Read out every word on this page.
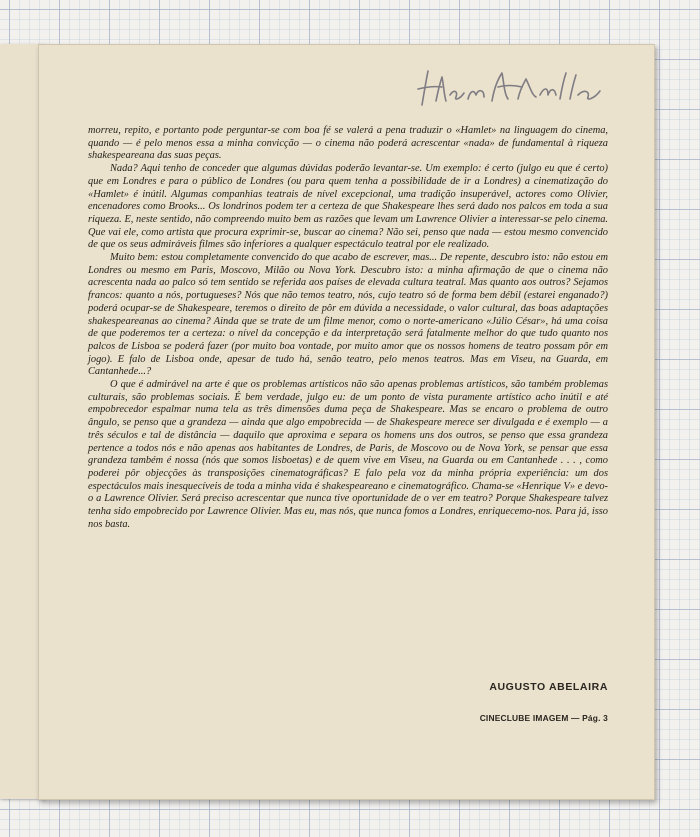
morreu, repito, e portanto pode perguntar-se com boa fé se valerá a pena traduzir o «Hamlet» na linguagem do cinema, quando — é pelo menos essa a minha convicção — o cinema não poderá acrescentar «nada» de fundamental à riqueza shakespeareana das suas peças.

Nada? Aqui tenho de conceder que algumas dúvidas poderão levantar-se. Um exemplo: é certo (julgo eu que é certo) que em Londres e para o público de Londres (ou para quem tenha a possibilidade de ir a Londres) a cinematização do «Hamlet» é inútil. Algumas companhias teatrais de nível excepcional, uma tradição insuperável, actores como Olivier, encenadores como Brooks... Os londrinos podem ter a certeza de que Shakespeare lhes será dado nos palcos em toda a sua riqueza. E, neste sentido, não compreendo muito bem as razões que levam um Lawrence Olivier a interessar-se pelo cinema. Que vai ele, como artista que procura exprimir-se, buscar ao cinema? Não sei, penso que nada — estou mesmo convencido de que os seus admiráveis filmes são inferiores a qualquer espectáculo teatral por ele realizado.

Muito bem: estou completamente convencido do que acabo de escrever, mas... De repente, descubro isto: não estou em Londres ou mesmo em Paris, Moscovo, Milão ou Nova York. Descubro isto: a minha afirmação de que o cinema não acrescenta nada ao palco só tem sentido se referida aos países de elevada cultura teatral. Mas quanto aos outros? Sejamos francos: quanto a nós, portugueses? Nós que não temos teatro, nós, cujo teatro só de forma bem débil (estarei enganado?) poderá ocupar-se de Shakespeare, teremos o direito de pôr em dúvida a necessidade, o valor cultural, das boas adaptações shakespeareanas ao cinema? Ainda que se trate de um filme menor, como o norte-americano «Júlio César», há uma coisa de que poderemos ter a certeza: o nível da concepção e da interpretação será fatalmente melhor do que tudo quanto nos palcos de Lisboa se poderá fazer (por muito boa vontade, por muito amor que os nossos homens de teatro possam pôr em jogo). E falo de Lisboa onde, apesar de tudo há, senão teatro, pelo menos teatros. Mas em Viseu, na Guarda, em Cantanhede...?

O que é admirável na arte é que os problemas artísticos não são apenas problemas artísticos, são também problemas culturais, são problemas sociais. É bem verdade, julgo eu: de um ponto de vista puramente artístico acho inútil e até empobrecedor espalmar numa tela as três dimensões duma peça de Shakespeare. Mas se encaro o problema de outro ângulo, se penso que a grandeza — ainda que algo empobrecida — de Shakespeare merece ser divulgada e é exemplo — a três séculos e tal de distância — daquilo que aproxima e separa os homens uns dos outros, se penso que essa grandeza pertence a todos nós e não apenas aos habitantes de Londres, de Paris, de Moscovo ou de Nova York, se pensar que essa grandeza também é nossa (nós que somos lisboetas) e de quem vive em Viseu, na Guarda ou em Cantanhede . . . , como poderei pôr objecções às transposições cinematográficas? E falo pela voz da minha própria experiência: um dos espectáculos mais inesquecíveis de toda a minha vida é shakespeareano e cinematográfico. Chama-se «Henrique V» e devo-o a Lawrence Olivier. Será preciso acrescentar que nunca tive oportunidade de o ver em teatro? Porque Shakespeare talvez tenha sido empobrecido por Lawrence Olivier. Mas eu, mas nós, que nunca fomos a Londres, enriquecemo-nos. Para já, isso nos basta.

AUGUSTO ABELAIRA
CINECLUBE IMAGEM — Pág. 3
